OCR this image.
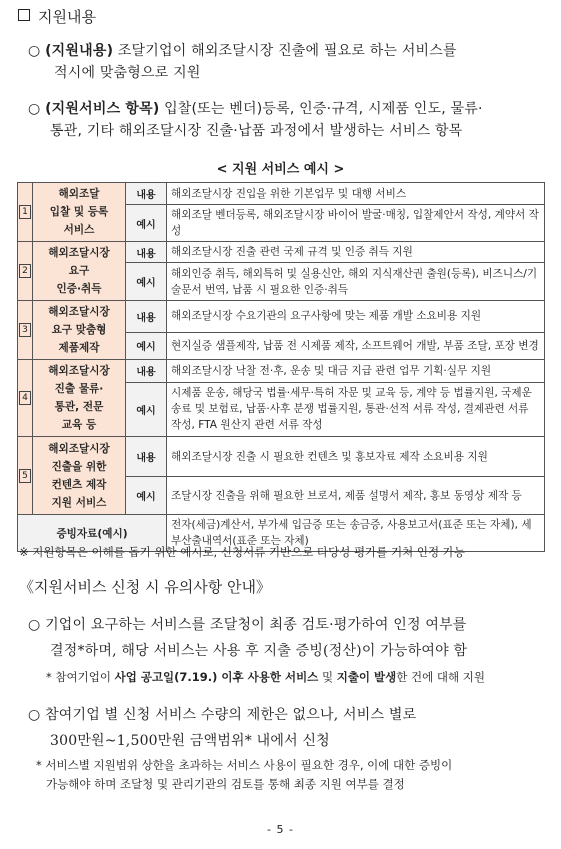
지원내용
○ (지원내용) 조달기업이 해외조달시장 진출에 필요로 하는 서비스를
적시에 맞춤형으로 지원
○ (지원서비스 항목) 입찰(또는 벤더)등록, 인증·규격, 시제품 인도, 물류·
통관, 기타 해외조달시장 진출·납품 과정에서 발생하는 서비스 항목
< 지원 서비스 예시 >
1	해외조달
입찰 및 등록
서비스	내용	해외조달시장 진입을 위한 기본업무 및 대행 서비스
		예시	해외조달 벤더등록, 해외조달시장 바이어 발굴·매칭, 입찰제안서 작성, 계약서 작성
2	해외조달시장
요구
인증·취득	내용	해외조달시장 진출 관련 국제 규격 및 인증 취득 지원
		예시	해외인증 취득, 해외특허 및 실용신안, 해외 지식재산권 출원(등록), 비즈니스/기술문서 번역, 납품 시 필요한 인증·취득
3	해외조달시장
요구 맞춤형
제품제작	내용	해외조달시장 수요기관의 요구사항에 맞는 제품 개발 소요비용 지원
		예시	현지실증 샘플제작, 납품 전 시제품 제작, 소프트웨어 개발, 부품 조달, 포장 변경
4	해외조달시장
진출 물류·
통관, 전문
교육 등	내용	해외조달시장 낙찰 전·후, 운송 및 대금 지급 관련 업무 기획·실무 지원
		예시	시제품 운송, 해당국 법률·세무·특허 자문 및 교육 등, 계약 등 법률지원, 국제운송료 및 보험료, 납품·사후 분쟁 법률지원, 통관·선적 서류 작성, 결제관련 서류 작성, FTA 원산지 관련 서류 작성
5	해외조달시장
진출을 위한
컨텐츠 제작
지원 서비스	내용	해외조달시장 진출 시 필요한 컨텐츠 및 홍보자료 제작 소요비용 지원
		예시	조달시장 진출을 위해 필요한 브로셔, 제품 설명서 제작, 홍보 동영상 제작 등
증빙자료(예시)			전자(세금)계산서, 부가세 입금증 또는 송금증, 사용보고서(표준 또는 자체), 세부산출내역서(표준 또는 자체)
※ 지원항목은 이해를 돕기 위한 예시로, 신청서류 기반으로 타당성 평가를 거쳐 인정 가능
《지원서비스 신청 시 유의사항 안내》
○ 기업이 요구하는 서비스를 조달청이 최종 검토·평가하여 인정 여부를
결정*하며, 해당 서비스는 사용 후 지출 증빙(정산)이 가능하여야 함
* 참여기업이 사업 공고일(7.19.) 이후 사용한 서비스 및 지출이 발생한 건에 대해 지원
○ 참여기업 별 신청 서비스 수량의 제한은 없으나, 서비스 별로
300만원~1,500만원 금액범위* 내에서 신청
* 서비스별 지원범위 상한을 초과하는 서비스 사용이 필요한 경우, 이에 대한 증빙이
가능해야 하며 조달청 및 관리기관의 검토를 통해 최종 지원 여부를 결정
- 5 -
